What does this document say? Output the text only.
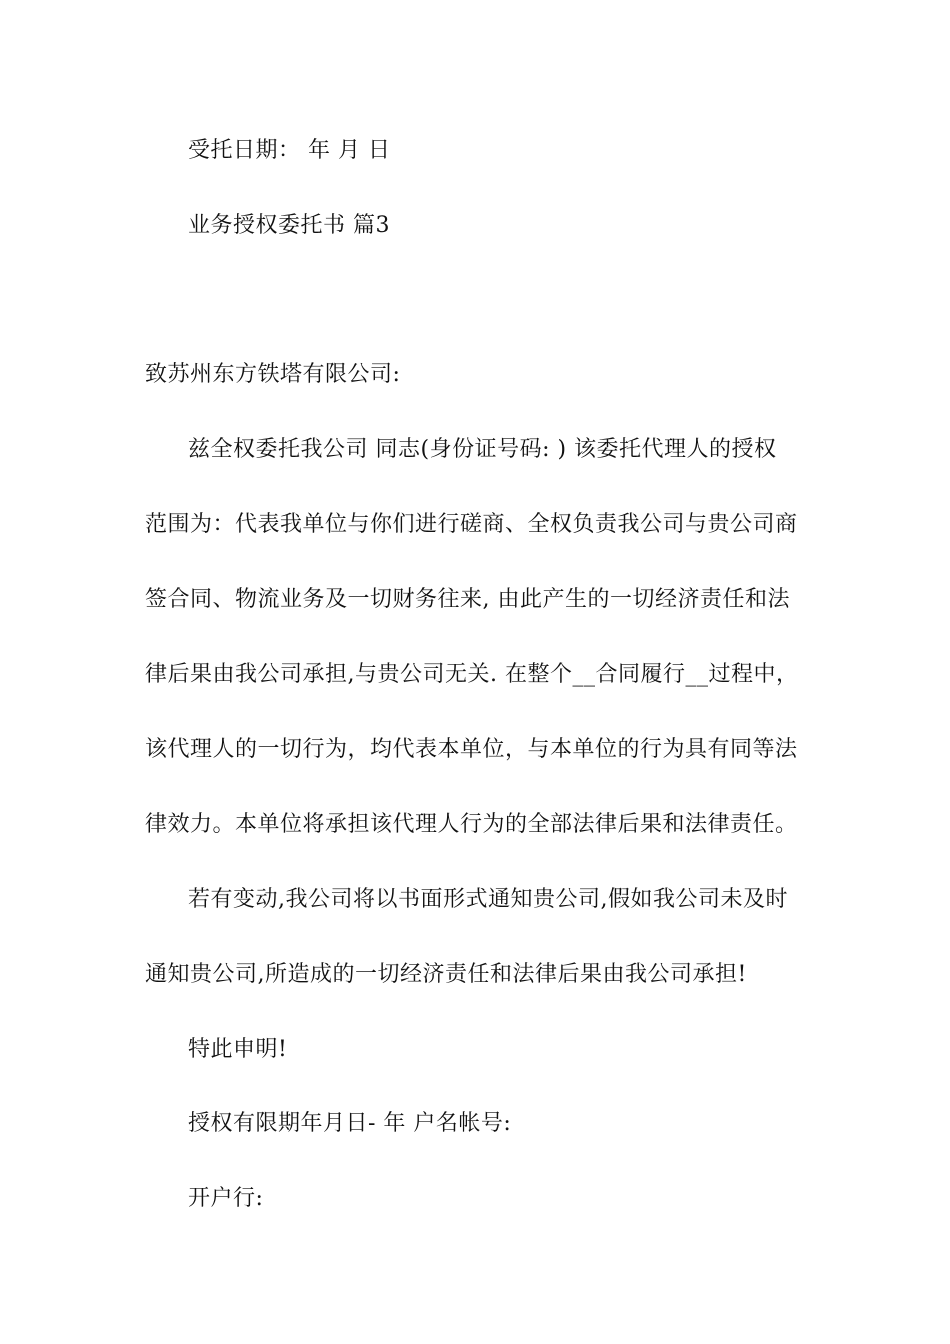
受托日期： 年 月 日
业务授权委托书 篇3
致苏州东方铁塔有限公司:
兹全权委托我公司 同志(身份证号码: ) 该委托代理人的授权
范围为：代表我单位与你们进行磋商、全权负责我公司与贵公司商
签合同、物流业务及一切财务往来, 由此产生的一切经济责任和法
律后果由我公司承担,与贵公司无关. 在整个__合同履行__过程中，
该代理人的一切行为，均代表本单位，与本单位的行为具有同等法
律效力。本单位将承担该代理人行为的全部法律后果和法律责任。
若有变动,我公司将以书面形式通知贵公司,假如我公司未及时
通知贵公司,所造成的一切经济责任和法律后果由我公司承担!
特此申明!
授权有限期年月日- 年 户名帐号:
开户行:
